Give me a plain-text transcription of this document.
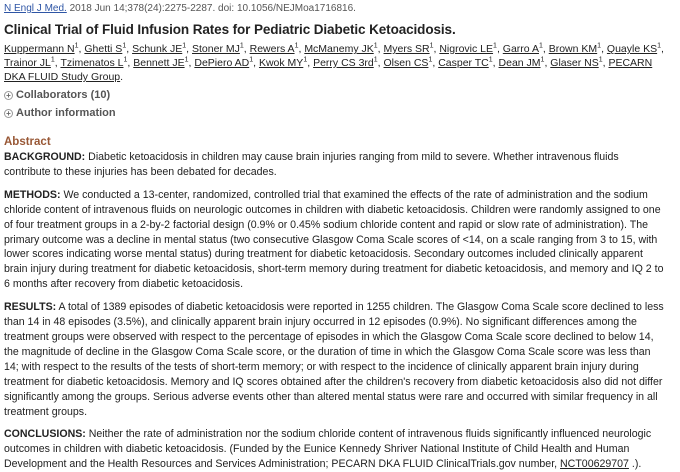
N Engl J Med. 2018 Jun 14;378(24):2275-2287. doi: 10.1056/NEJMoa1716816.
Clinical Trial of Fluid Infusion Rates for Pediatric Diabetic Ketoacidosis.
Kuppermann $N^1$, Ghetti $S^1$, Schunk $JE^1$, Stoner $MJ^1$, Rewers $A^1$, McManemy $JK^1$, Myers $SR^1$, Nigrovic $LE^1$, Garro $A^1$, Brown $KM^1$, Quayle $KS^1$, Trainor $JL^1$, Tzimenatos $L^1$, Bennett $JE^1$, DePiero $AD^1$, Kwok $MY^1$, Perry CS $3rd^1$, Olsen $CS^1$, Casper $TC^1$, Dean $JM^1$, Glaser $NS^1$, PECARN DKA FLUID Study Group.
+ Collaborators (10)
+ Author information
Abstract

BACKGROUND: Diabetic ketoacidosis in children may cause brain injuries ranging from mild to severe. Whether intravenous fluids contribute to these injuries has been debated for decades.

METHODS: We conducted a 13-center, randomized, controlled trial that examined the effects of the rate of administration and the sodium chloride content of intravenous fluids on neurologic outcomes in children with diabetic ketoacidosis. Children were randomly assigned to one of four treatment groups in a 2-by-2 factorial design (0.9% or 0.45% sodium chloride content and rapid or slow rate of administration). The primary outcome was a decline in mental status (two consecutive Glasgow Coma Scale scores of <14, on a scale ranging from 3 to 15, with lower scores indicating worse mental status) during treatment for diabetic ketoacidosis. Secondary outcomes included clinically apparent brain injury during treatment for diabetic ketoacidosis, short-term memory during treatment for diabetic ketoacidosis, and memory and IQ 2 to 6 months after recovery from diabetic ketoacidosis.

RESULTS: A total of 1389 episodes of diabetic ketoacidosis were reported in 1255 children. The Glasgow Coma Scale score declined to less than 14 in 48 episodes (3.5%), and clinically apparent brain injury occurred in 12 episodes (0.9%). No significant differences among the treatment groups were observed with respect to the percentage of episodes in which the Glasgow Coma Scale score declined to below 14, the magnitude of decline in the Glasgow Coma Scale score, or the duration of time in which the Glasgow Coma Scale score was less than 14; with respect to the results of the tests of short-term memory; or with respect to the incidence of clinically apparent brain injury during treatment for diabetic ketoacidosis. Memory and IQ scores obtained after the children's recovery from diabetic ketoacidosis also did not differ significantly among the groups. Serious adverse events other than altered mental status were rare and occurred with similar frequency in all treatment groups.

CONCLUSIONS: Neither the rate of administration nor the sodium chloride content of intravenous fluids significantly influenced neurologic outcomes in children with diabetic ketoacidosis. (Funded by the Eunice Kennedy Shriver National Institute of Child Health and Human Development and the Health Resources and Services Administration; PECARN DKA FLUID ClinicalTrials.gov number, NCT00629707 .).
